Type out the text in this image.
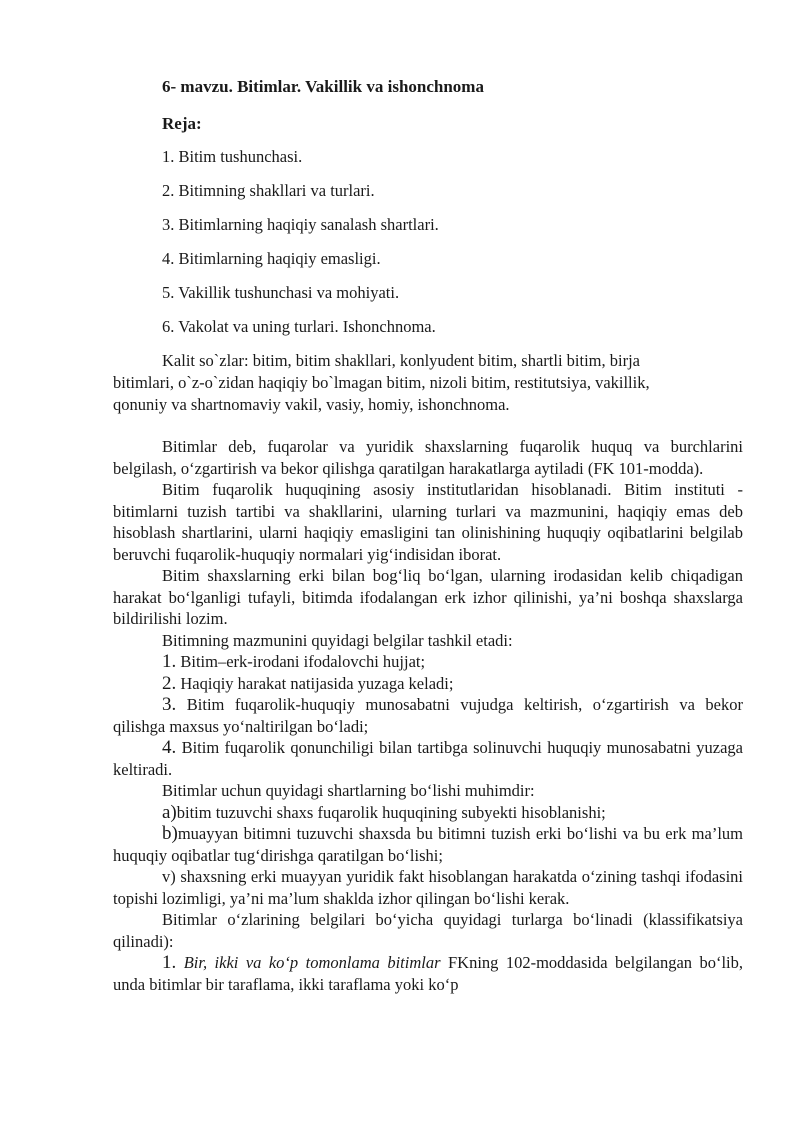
6- mavzu. Bitimlar. Vakillik va ishonchnoma
Reja:
1. Bitim tushunchasi.
2. Bitimning shakllari va turlari.
3. Bitimlarning haqiqiy sanalash shartlari.
4. Bitimlarning haqiqiy emasligi.
5. Vakillik tushunchasi va mohiyati.
6. Vakolat va uning turlari. Ishonchnoma.
Kalit so`zlar: bitim, bitim shakllari, konlyudent bitim, shartli bitim, birja
bitimlari, o`z-o`zidan haqiqiy bo`lmagan bitim, nizoli bitim, restitutsiya, vakillik,
qonuniy va shartnomaviy vakil, vasiy, homiy, ishonchnoma.

Bitimlar deb, fuqarolar va yuridik shaxslarning fuqarolik huquq va burchlarini belgilash, o‘zgartirish va bekor qilishga qaratilgan harakatlarga aytiladi (FK 101-modda).

Bitim fuqarolik huquqining asosiy institutlaridan hisoblanadi. Bitim instituti - bitimlarni tuzish tartibi va shakllarini, ularning turlari va mazmunini, haqiqiy emas deb hisoblash shartlarini, ularni haqiqiy emasligini tan olinishining huquqiy oqibatlarini belgilab beruvchi fuqarolik-huquqiy normalari yig‘indisidan iborat.

Bitim shaxslarning erki bilan bog‘liq bo‘lgan, ularning irodasidan kelib chiqadigan harakat bo‘lganligi tufayli, bitimda ifodalangan erk izhor qilinishi, ya’ni boshqa shaxslarga bildirilishi lozim.

Bitimning mazmunini quyidagi belgilar tashkil etadi:

1. Bitim–erk-irodani ifodalovchi hujjat;

2. Haqiqiy harakat natijasida yuzaga keladi;

3. Bitim fuqarolik-huquqiy munosabatni vujudga keltirish, o‘zgartirish va bekor qilishga maxsus yo‘naltirilgan bo‘ladi;

4. Bitim fuqarolik qonunchiligi bilan tartibga solinuvchi huquqiy munosabatni yuzaga keltiradi.

Bitimlar uchun quyidagi shartlarning bo‘lishi muhimdir:

a)bitim tuzuvchi shaxs fuqarolik huquqining subyekti hisoblanishi;

b)muayyan bitimni tuzuvchi shaxsda bu bitimni tuzish erki bo‘lishi va bu erk ma’lum huquqiy oqibatlar tug‘dirishga qaratilgan bo‘lishi;

v) shaxsning erki muayyan yuridik fakt hisoblangan harakatda o‘zining tashqi ifodasini topishi lozimligi, ya’ni ma’lum shaklda izhor qilingan bo‘lishi kerak.

Bitimlar o‘zlarining belgilari bo‘yicha quyidagi turlarga bo‘linadi (klassifikatsiya qilinadi):

1. Bir, ikki va ko‘p tomonlama bitimlar FKning 102-moddasida belgilangan bo‘lib, unda bitimlar bir taraflama, ikki taraflama yoki ko‘p
